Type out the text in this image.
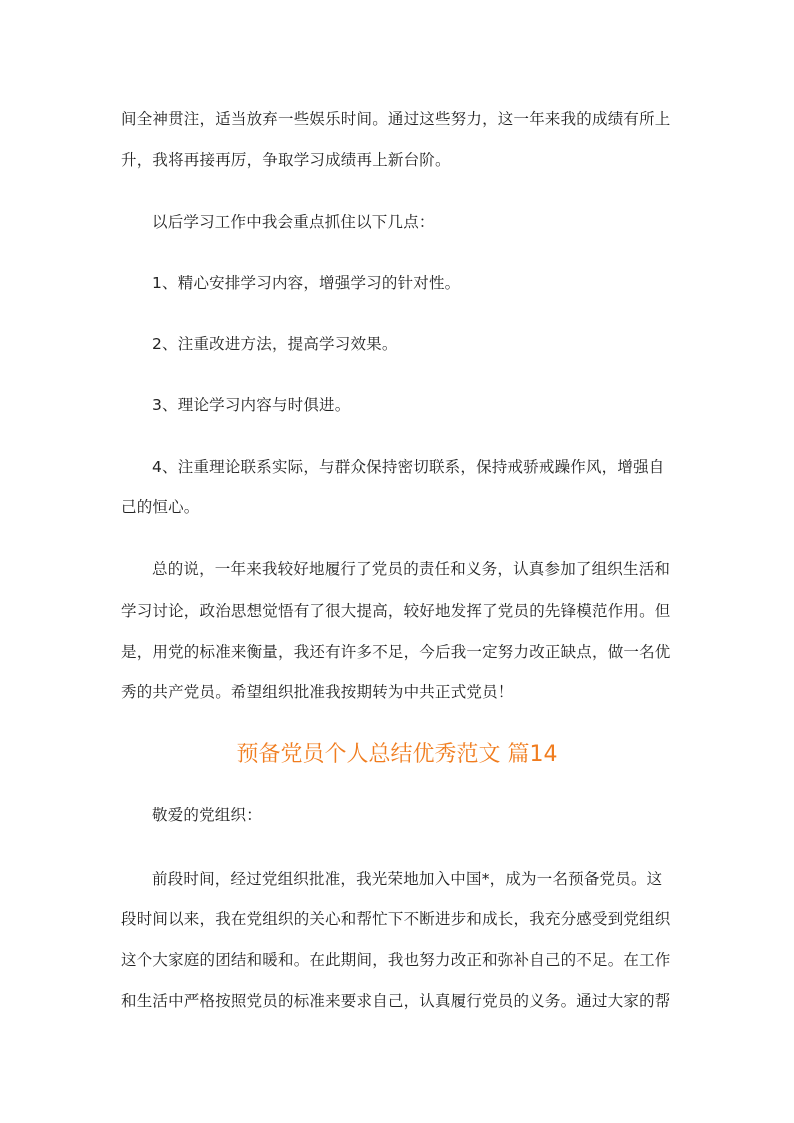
间全神贯注，适当放弃一些娱乐时间。通过这些努力，这一年来我的成绩有所上
升，我将再接再厉，争取学习成绩再上新台阶。
以后学习工作中我会重点抓住以下几点：
1、精心安排学习内容，增强学习的针对性。
2、注重改进方法，提高学习效果。
3、理论学习内容与时俱进。
4、注重理论联系实际，与群众保持密切联系，保持戒骄戒躁作风，增强自
己的恒心。
总的说，一年来我较好地履行了党员的责任和义务，认真参加了组织生活和
学习讨论，政治思想觉悟有了很大提高，较好地发挥了党员的先锋模范作用。但
是，用党的标准来衡量，我还有许多不足，今后我一定努力改正缺点，做一名优
秀的共产党员。希望组织批准我按期转为中共正式党员！
预备党员个人总结优秀范文 篇14
敬爱的党组织：
前段时间，经过党组织批准，我光荣地加入中国*，成为一名预备党员。这
段时间以来，我在党组织的关心和帮忙下不断进步和成长，我充分感受到党组织
这个大家庭的团结和暖和。在此期间，我也努力改正和弥补自己的不足。在工作
和生活中严格按照党员的标准来要求自己，认真履行党员的义务。通过大家的帮
